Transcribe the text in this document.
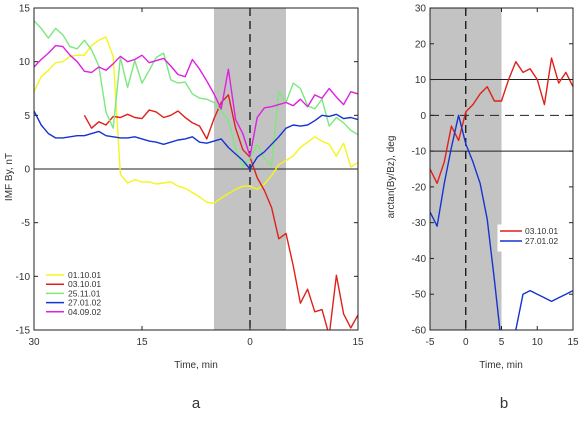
15
10
5
0
-5
-10
-15
30	15	0	15
Time, min
IMF By, nT
a
01.10.01
03.10.01
25.11.01
27.01.02
04.09.02
30
20
10
0
-10
-20
-30
-40
-50
-60
-5	0	5	10 15
Time, min
arctan(By/Bz), deg
b
03.10.01
27.01.02
